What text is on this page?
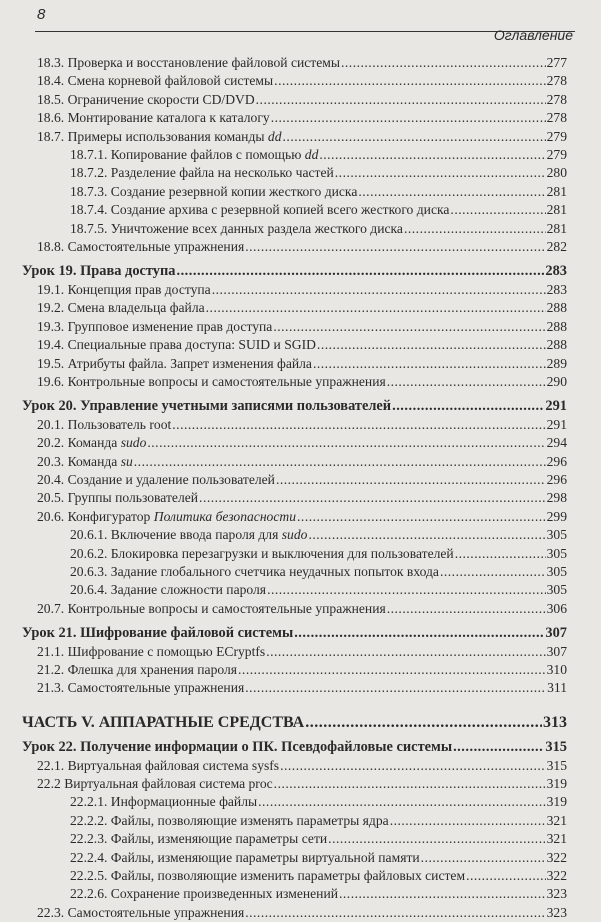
8
Оглавление
18.3. Проверка и восстановление файловой системы .....	277
18.4. Смена корневой файловой системы .....	278
18.5. Ограничение скорости CD/DVD .....	278
18.6. Монтирование каталога к каталогу .....	278
18.7. Примеры использования команды dd .....	279
18.7.1. Копирование файлов с помощью dd .....	279
18.7.2. Разделение файла на несколько частей .....	280
18.7.3. Создание резервной копии жесткого диска .....	281
18.7.4. Создание архива с резервной копией всего жесткого диска .....	281
18.7.5. Уничтожение всех данных раздела жесткого диска .....	281
18.8. Самостоятельные упражнения .....	282
Урок 19. Права доступа .....	283
19.1. Концепция прав доступа .....	283
19.2. Смена владельца файла .....	288
19.3. Групповое изменение прав доступа .....	288
19.4. Специальные права доступа: SUID и SGID .....	288
19.5. Атрибуты файла. Запрет изменения файла .....	289
19.6. Контрольные вопросы и самостоятельные упражнения .....	290
Урок 20. Управление учетными записями пользователей .....	291
20.1. Пользователь root .....	291
20.2. Команда sudo .....	294
20.3. Команда su .....	296
20.4. Создание и удаление пользователей .....	296
20.5. Группы пользователей .....	298
20.6. Конфигуратор Политика безопасности .....	299
20.6.1. Включение ввода пароля для sudo .....	305
20.6.2. Блокировка перезагрузки и выключения для пользователей .....	305
20.6.3. Задание глобального счетчика неудачных попыток входа .....	305
20.6.4. Задание сложности пароля .....	305
20.7. Контрольные вопросы и самостоятельные упражнения .....	306
Урок 21. Шифрование файловой системы .....	307
21.1. Шифрование с помощью ECryptfs .....	307
21.2. Флешка для хранения пароля .....	310
21.3. Самостоятельные упражнения .....	311
ЧАСТЬ V. АППАРАТНЫЕ СРЕДСТВА .....	313
Урок 22. Получение информации о ПК. Псевдофайловые системы .....	315
22.1. Виртуальная файловая система sysfs .....	315
22.2 Виртуальная файловая система proc .....	319
22.2.1. Информационные файлы .....	319
22.2.2. Файлы, позволяющие изменять параметры ядра .....	321
22.2.3. Файлы, изменяющие параметры сети .....	321
22.2.4. Файлы, изменяющие параметры виртуальной памяти .....	322
22.2.5. Файлы, позволяющие изменить параметры файловых систем .....	322
22.2.6. Сохранение произведенных изменений .....	323
22.3. Самостоятельные упражнения .....	323
